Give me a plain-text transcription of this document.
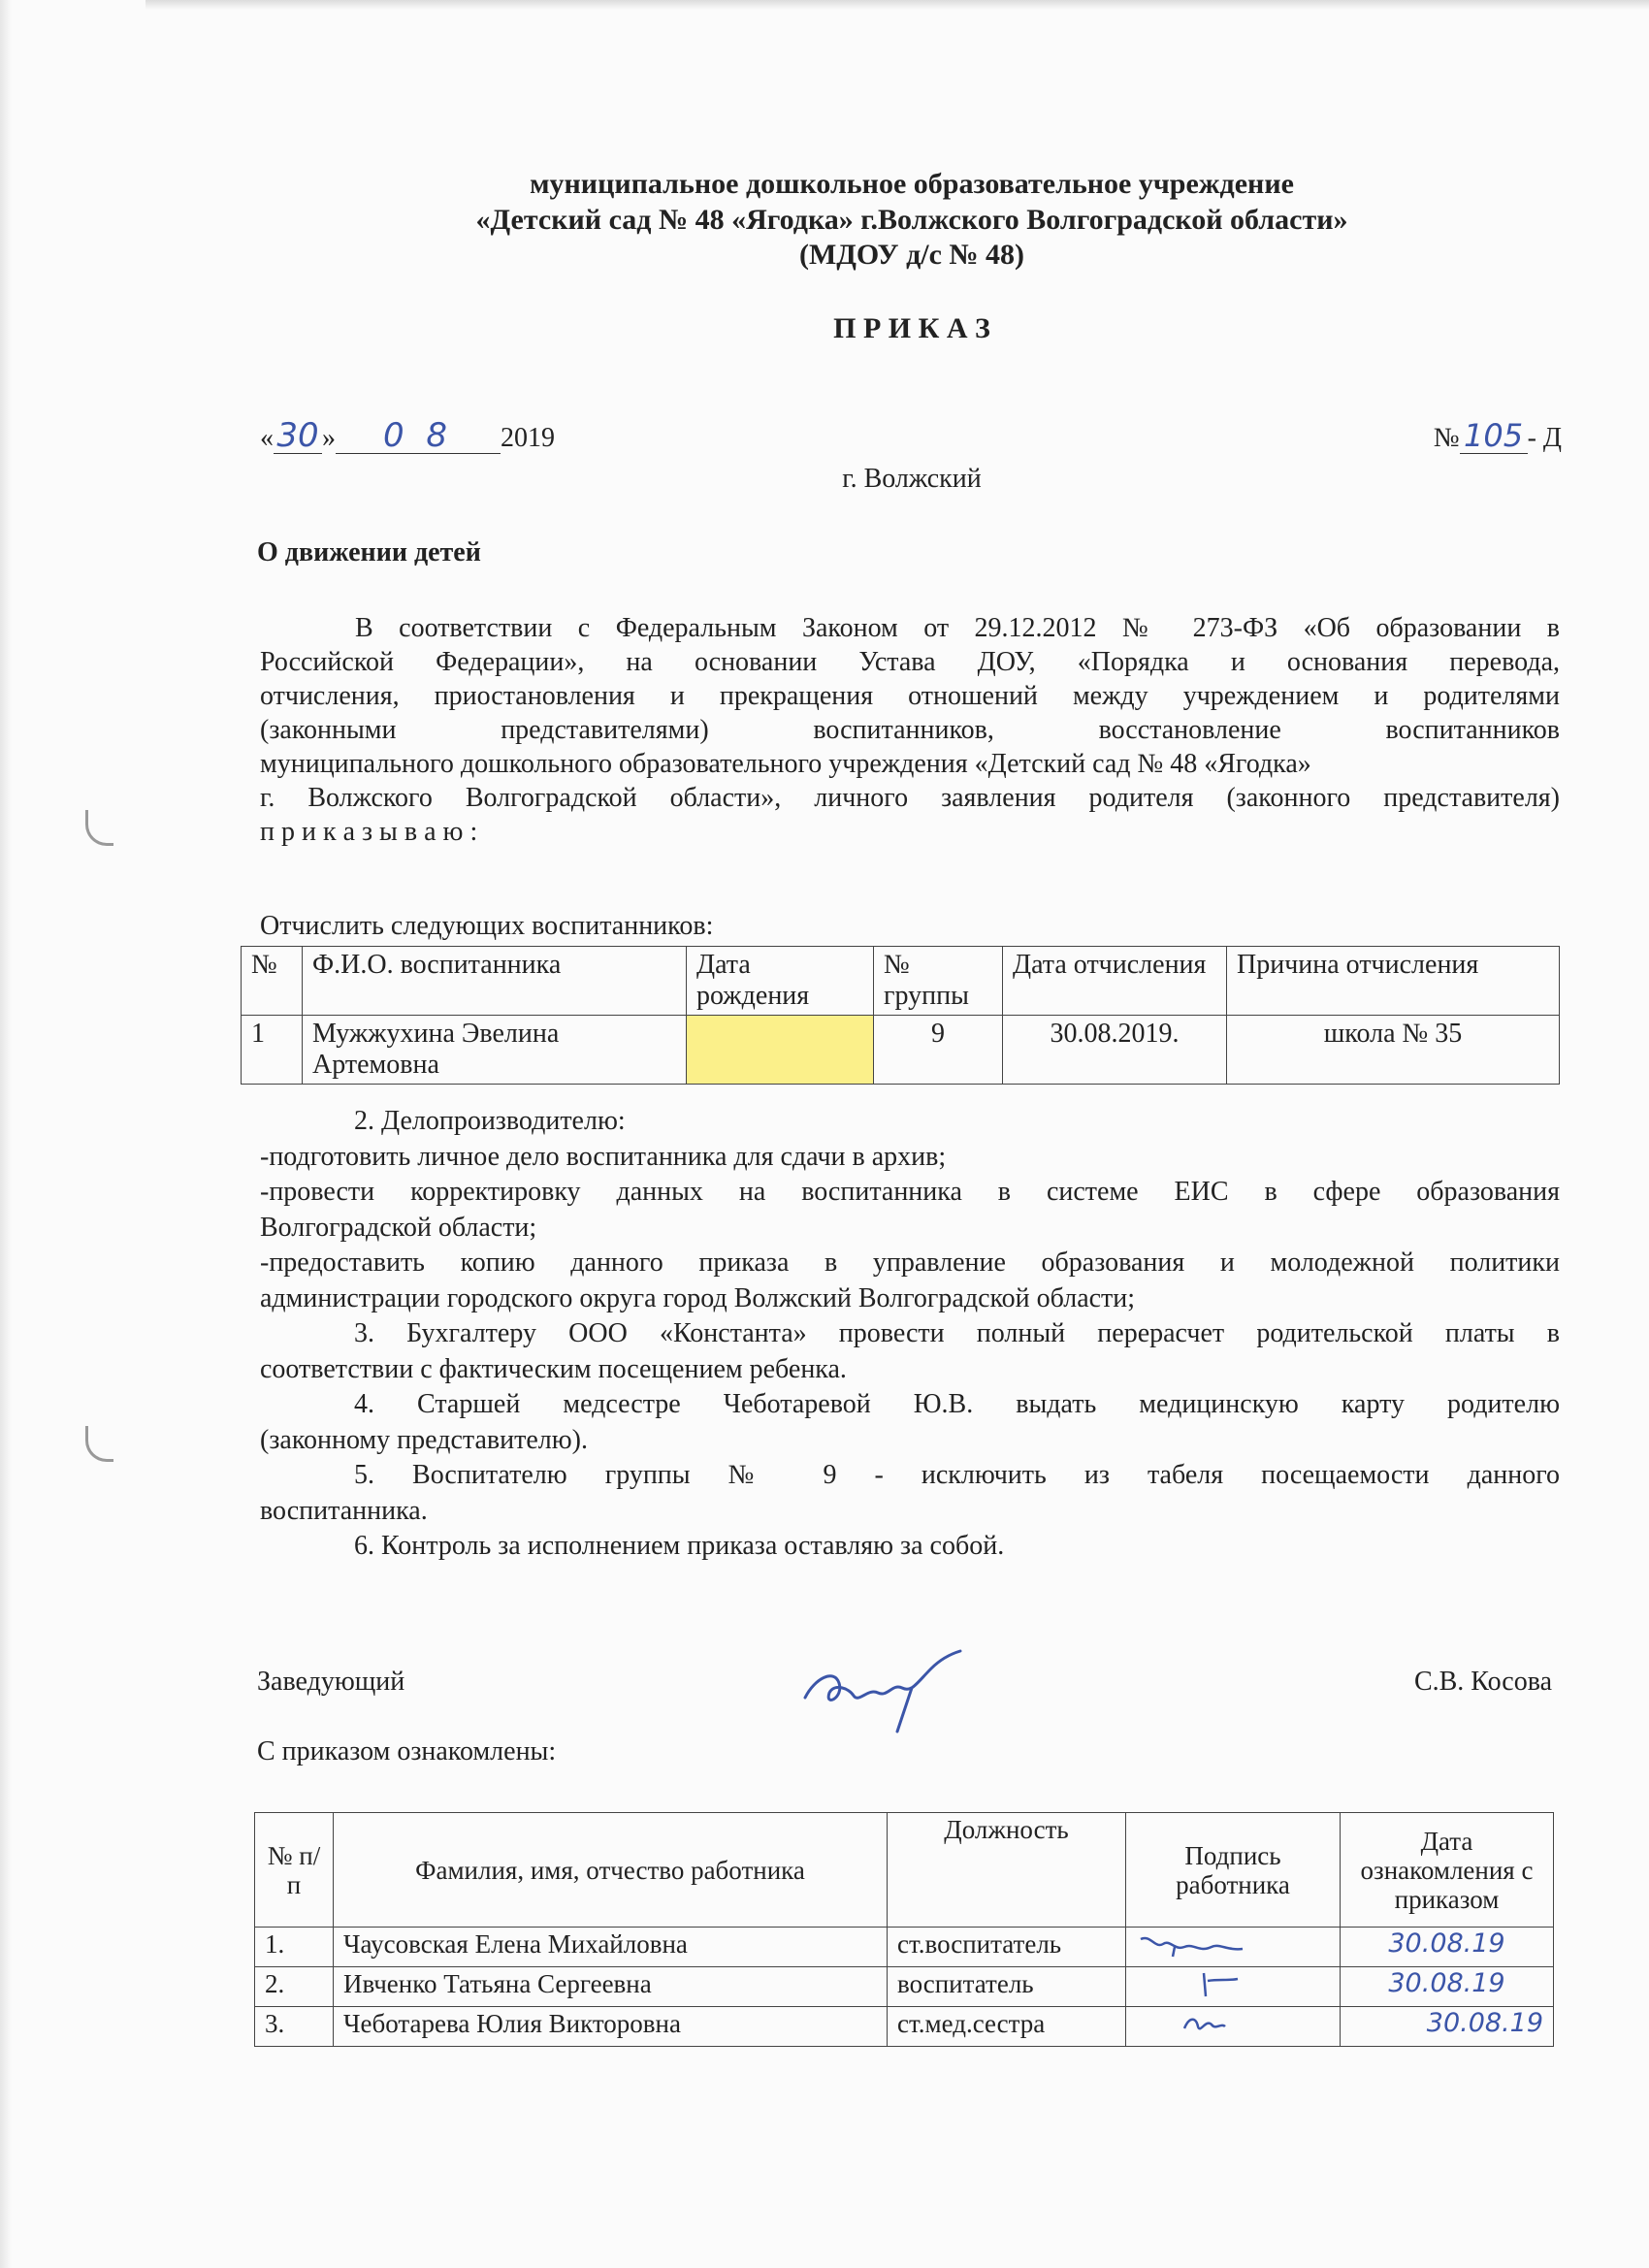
муниципальное дошкольное образовательное учреждение
«Детский сад № 48 «Ягодка» г.Волжского Волгоградской области»
(МДОУ д/с № 48)
П Р И К А З
«30 » 0 8 2019	№ 105 - Д
г. Волжский
О движении детей
В соответствии с Федеральным Законом от 29.12.2012 № 273-ФЗ «Об образовании в
Российской Федерации», на основании Устава ДОУ, «Порядка и основания перевода,
отчисления, приостановления и прекращения отношений между учреждением и родителями
(законными представителями) воспитанников, восстановление воспитанников
муниципального дошкольного образовательного учреждения «Детский сад № 48 «Ягодка»
г. Волжского Волгоградской области», личного заявления родителя (законного представителя)
п р и к а з ы в а ю :
Отчислить следующих воспитанников:
№	Ф.И.О. воспитанника	Дата рождения	№ группы	Дата отчисления	Причина отчисления
1	Мужжухина Эвелина Артемовна		9	30.08.2019.	школа № 35
2. Делопроизводителю:
-подготовить личное дело воспитанника для сдачи в архив;
-провести корректировку данных на воспитанника в системе ЕИС в сфере образования
Волгоградской области;
-предоставить копию данного приказа в управление образования и молодежной политики
администрации городского округа город Волжский Волгоградской области;
3. Бухгалтеру ООО «Константа» провести полный перерасчет родительской платы в
соответствии с фактическим посещением ребенка.
4. Старшей медсестре Чеботаревой Ю.В. выдать медицинскую карту родителю
(законному представителю).
5. Воспитателю группы № 9 - исключить из табеля посещаемости данного
воспитанника.
6. Контроль за исполнением приказа оставляю за собой.
Заведующий	С.В. Косова
С приказом ознакомлены:
№ п/п	Фамилия, имя, отчество работника	Должность	Подпись работника	Дата ознакомления с приказом
1.	Чаусовская Елена Михайловна	ст.воспитатель		30.08.19
2.	Ивченко Татьяна Сергеевна	воспитатель		30.08.19
3.	Чеботарева Юлия Викторовна	ст.мед.сестра		30.08.19
